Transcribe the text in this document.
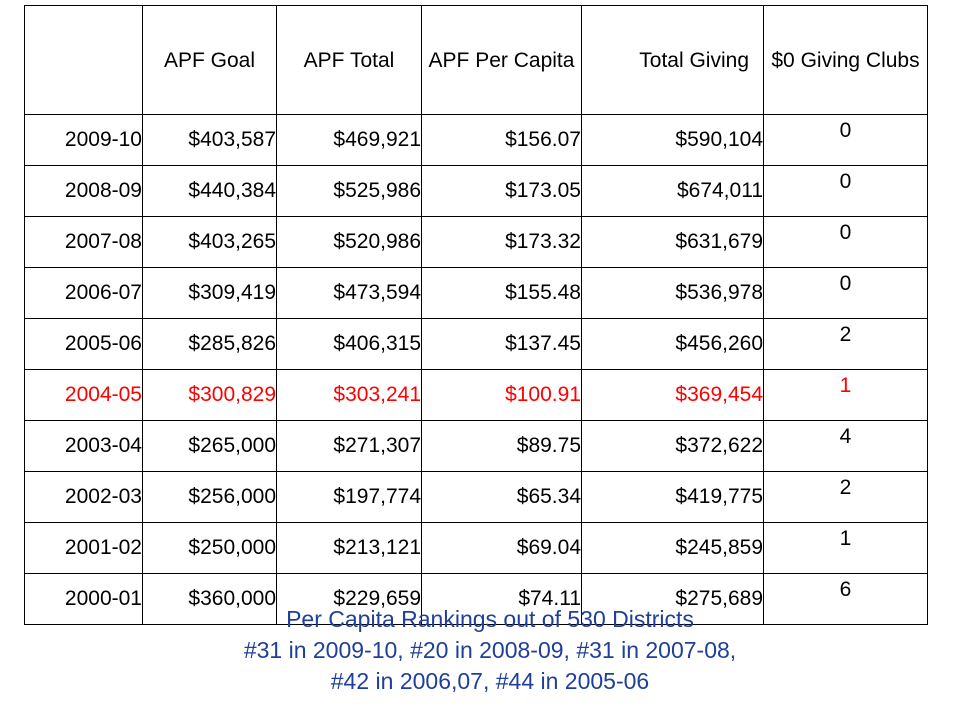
	APF Goal	APF Total	APF Per Capita	Total Giving	$0 Giving Clubs
2009-10	$403,587	$469,921	$156.07	$590,104	0
2008-09	$440,384	$525,986	$173.05	$674,011	0
2007-08	$403,265	$520,986	$173.32	$631,679	0
2006-07	$309,419	$473,594	$155.48	$536,978	0
2005-06	$285,826	$406,315	$137.45	$456,260	2
2004-05	$300,829	$303,241	$100.91	$369,454	1
2003-04	$265,000	$271,307	$89.75	$372,622	4
2002-03	$256,000	$197,774	$65.34	$419,775	2
2001-02	$250,000	$213,121	$69.04	$245,859	1
2000-01	$360,000	$229,659	$74.11	$275,689	6
Per Capita Rankings out of 530 Districts
#31 in 2009-10, #20 in 2008-09, #31 in 2007-08,
#42 in 2006,07, #44 in 2005-06
